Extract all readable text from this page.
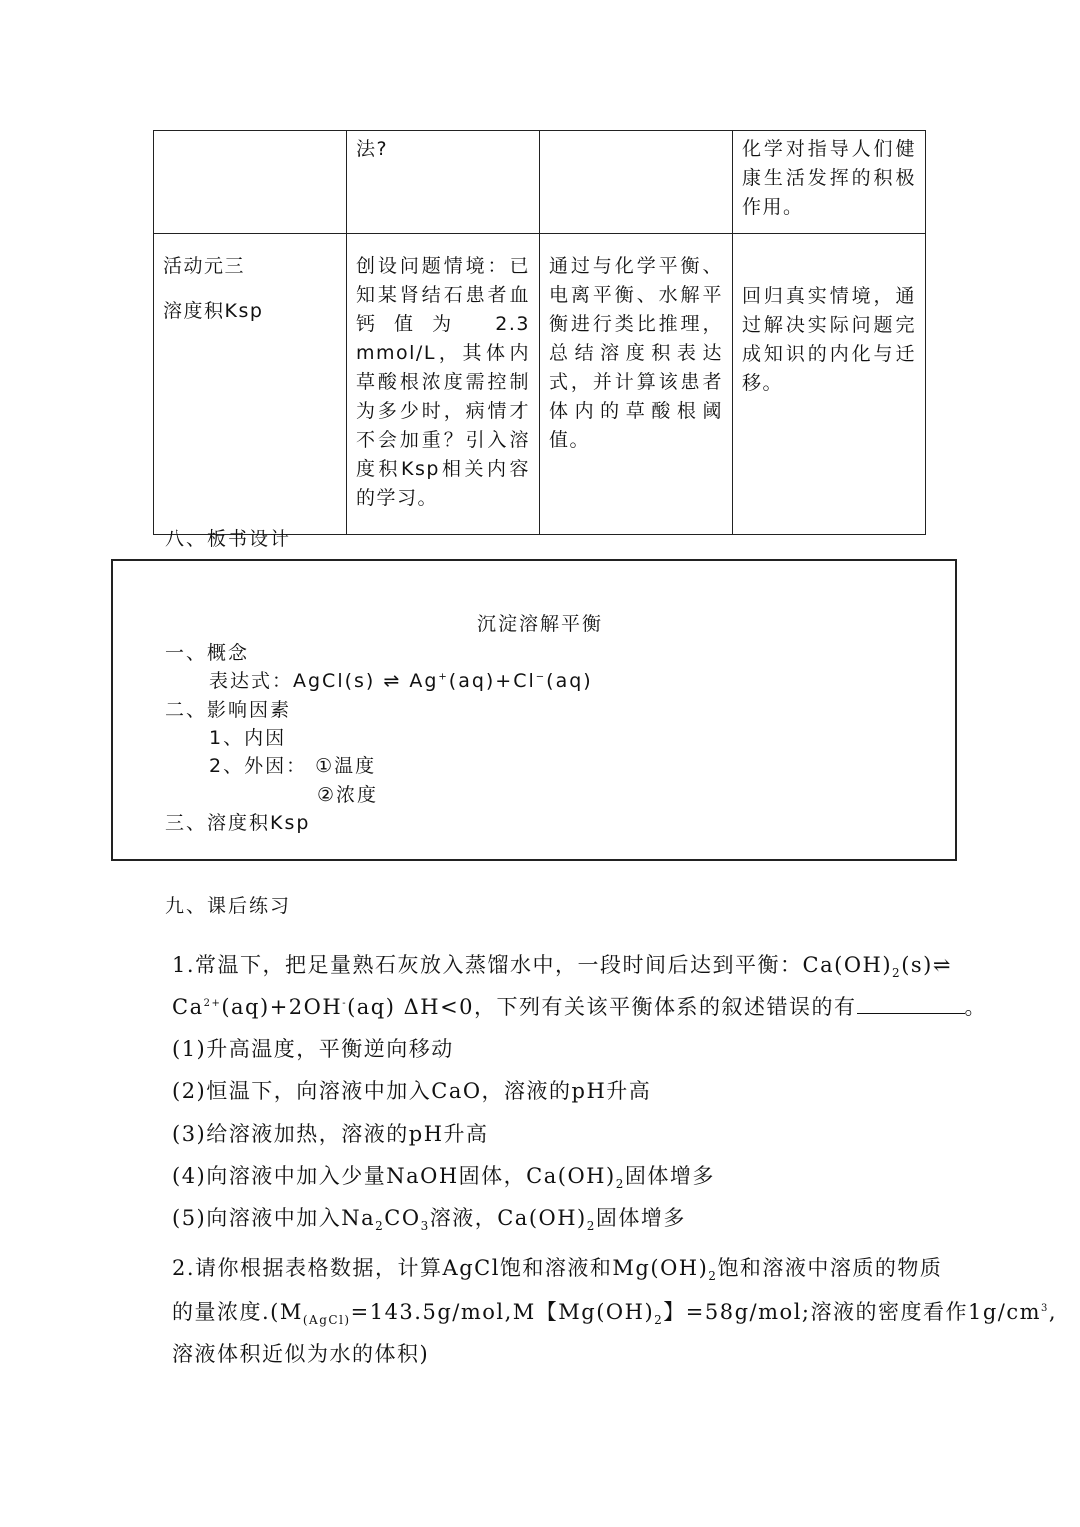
	法?		化学对指导人们健康生活发挥的积极作用。

活动元三
溶度积Ksp	创设问题情境：已知某肾结石患者血钙值为 2.3 mmol/L，其体内草酸根浓度需控制为多少时，病情才不会加重？引入溶度积Ksp相关内容的学习。	通过与化学平衡、电离平衡、水解平衡进行类比推理，总结溶度积表达式，并计算该患者体内的草酸根阈值。	回归真实情境，通过解决实际问题完成知识的内化与迁移。
八、板书设计
沉淀溶解平衡
一、概念
表达式：AgCl(s) ⇌ Ag+(aq)+Cl−(aq)
二、影响因素
1、内因
2、外因： ①温度
②浓度
三、溶度积Ksp
九、课后练习
1.常温下，把足量熟石灰放入蒸馏水中，一段时间后达到平衡：$Ca(OH)_2(s)\rightleftharpoons$
$Ca^{2+}(aq)+2OH^-(aq)$ ΔH<0，下列有关该平衡体系的叙述错误的有	。
(1)升高温度，平衡逆向移动
(2)恒温下，向溶液中加入CaO，溶液的pH升高
(3)给溶液加热，溶液的pH升高
(4)向溶液中加入少量NaOH固体，$Ca(OH)_2$固体增多
(5)向溶液中加入$Na_2CO_3$溶液，$Ca(OH)_2$固体增多
2.请你根据表格数据，计算AgCl饱和溶液和$Mg(OH)_2$饱和溶液中溶质的物质
的量浓度$.(M_{(AgCl)}=143.5g/mol,M$【$Mg(OH)_2$】=58g/mol;溶液的密度看作$1g/cm^3$,
溶液体积近似为水的体积)
